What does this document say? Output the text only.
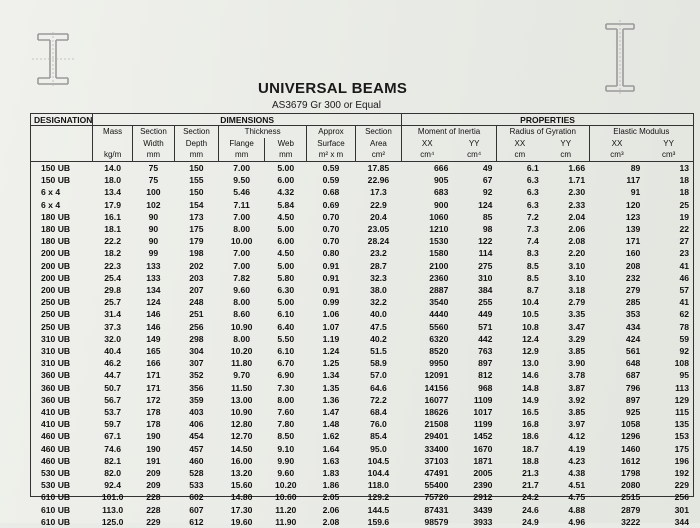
UNIVERSAL BEAMS
AS3679 Gr 300 or Equal
DESIGNATION	DIMENSIONS							PROPERTIES					
	Mass	Section	Section	Thickness		Approx	Section	Moment of Inertia		Radius of Gyration		Elastic Modulus	
		Width	Depth	Flange	Web	Surface	Area	XX	YY	XX	YY	XX	YY
	kg/m	mm	mm	mm	mm	m² x m	cm²	cm⁴	cm⁴	cm	cm	cm³	cm³
150 UB	14.0	75	150	7.00	5.00	0.59	17.85	666	49	6.1	1.66	89	13
150 UB	18.0	75	155	9.50	6.00	0.59	22.96	905	67	6.3	1.71	117	18
6 x 4	13.4	100	150	5.46	4.32	0.68	17.3	683	92	6.3	2.30	91	18
6 x 4	17.9	102	154	7.11	5.84	0.69	22.9	900	124	6.3	2.33	120	25
180 UB	16.1	90	173	7.00	4.50	0.70	20.4	1060	85	7.2	2.04	123	19
180 UB	18.1	90	175	8.00	5.00	0.70	23.05	1210	98	7.3	2.06	139	22
180 UB	22.2	90	179	10.00	6.00	0.70	28.24	1530	122	7.4	2.08	171	27
200 UB	18.2	99	198	7.00	4.50	0.80	23.2	1580	114	8.3	2.20	160	23
200 UB	22.3	133	202	7.00	5.00	0.91	28.7	2100	275	8.5	3.10	208	41
200 UB	25.4	133	203	7.82	5.80	0.91	32.3	2360	310	8.5	3.10	232	46
200 UB	29.8	134	207	9.60	6.30	0.91	38.0	2887	384	8.7	3.18	279	57
250 UB	25.7	124	248	8.00	5.00	0.99	32.2	3540	255	10.4	2.79	285	41
250 UB	31.4	146	251	8.60	6.10	1.06	40.0	4440	449	10.5	3.35	353	62
250 UB	37.3	146	256	10.90	6.40	1.07	47.5	5560	571	10.8	3.47	434	78
310 UB	32.0	149	298	8.00	5.50	1.19	40.2	6320	442	12.4	3.29	424	59
310 UB	40.4	165	304	10.20	6.10	1.24	51.5	8520	763	12.9	3.85	561	92
310 UB	46.2	166	307	11.80	6.70	1.25	58.9	9950	897	13.0	3.90	648	108
360 UB	44.7	171	352	9.70	6.90	1.34	57.0	12091	812	14.6	3.78	687	95
360 UB	50.7	171	356	11.50	7.30	1.35	64.6	14156	968	14.8	3.87	796	113
360 UB	56.7	172	359	13.00	8.00	1.36	72.2	16077	1109	14.9	3.92	897	129
410 UB	53.7	178	403	10.90	7.60	1.47	68.4	18626	1017	16.5	3.85	925	115
410 UB	59.7	178	406	12.80	7.80	1.48	76.0	21508	1199	16.8	3.97	1058	135
460 UB	67.1	190	454	12.70	8.50	1.62	85.4	29401	1452	18.6	4.12	1296	153
460 UB	74.6	190	457	14.50	9.10	1.64	95.0	33400	1670	18.7	4.19	1460	175
460 UB	82.1	191	460	16.00	9.90	1.63	104.5	37103	1871	18.8	4.23	1612	196
530 UB	82.0	209	528	13.20	9.60	1.83	104.4	47491	2005	21.3	4.38	1798	192
530 UB	92.4	209	533	15.60	10.20	1.86	118.0	55400	2390	21.7	4.51	2080	229
610 UB	101.0	228	602	14.80	10.60	2.05	129.2	75720	2912	24.2	4.75	2515	256
610 UB	113.0	228	607	17.30	11.20	2.06	144.5	87431	3439	24.6	4.88	2879	301
610 UB	125.0	229	612	19.60	11.90	2.08	159.6	98579	3933	24.9	4.96	3222	344
